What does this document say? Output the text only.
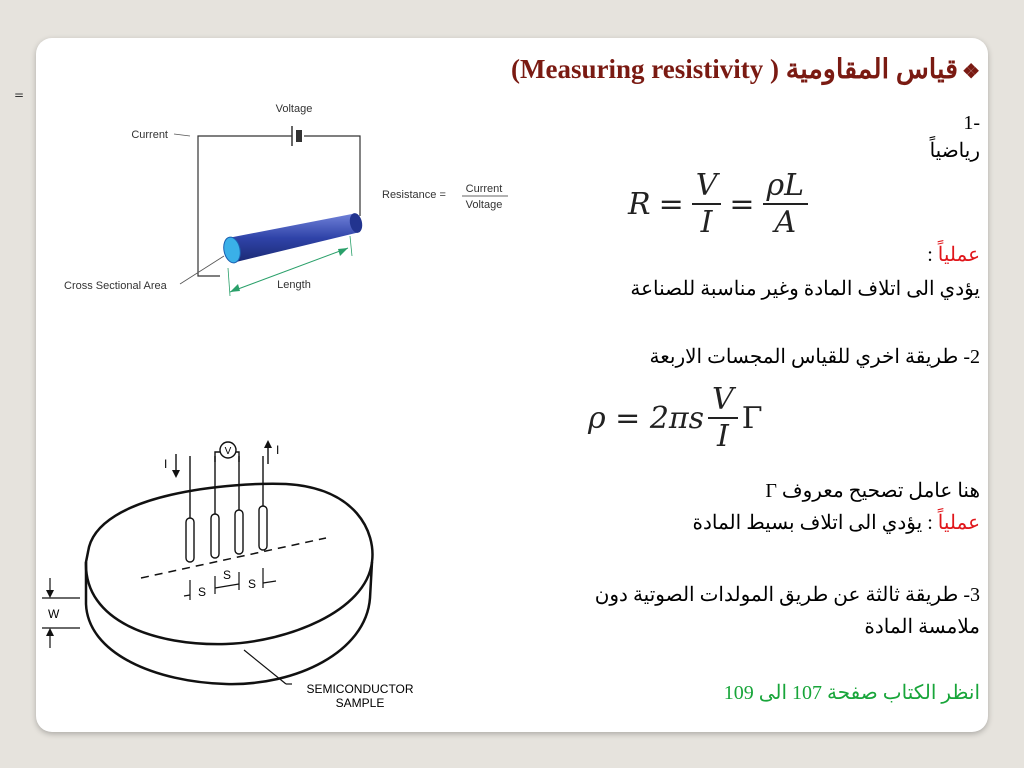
=
❖قياس المقاومية (Measuring resistivity )
-1
رياضياً
$R = \frac{V}{I} = \frac{\rho L}{A}$
عملياً :
يؤدي الى اتلاف المادة وغير مناسبة للصناعة
2- طريقة اخري للقياس المجسات الاربعة
$\rho = 2\pi s \frac{V}{I}$ Γ
هنا عامل تصحيح معروف Γ
عملياً : يؤدي الى اتلاف بسيط المادة
3- طريقة ثالثة عن طريق المولدات الصوتية دون
ملامسة المادة
انظر الكتاب صفحة 107 الى 109
Voltage
Current
Resistance = Current
Voltage
Cross Sectional Area	Length
V
I
I
S
S
S
W
SEMICONDUCTOR
SAMPLE
